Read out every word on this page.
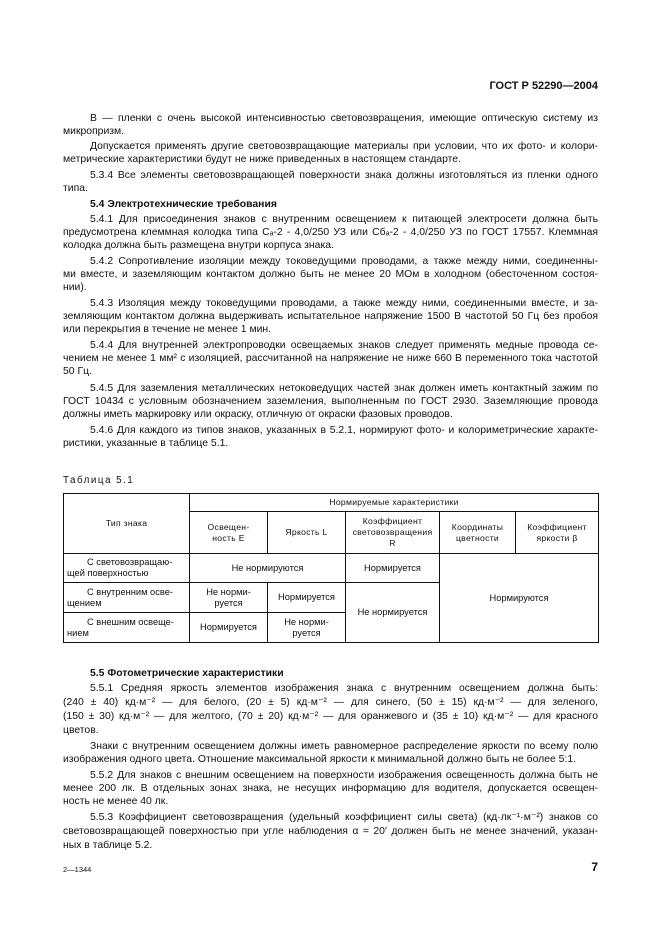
ГОСТ Р 52290—2004
В — пленки с очень высокой интенсивностью световозвращения, имеющие оптическую систему из
микропризм.
Допускается применять другие световозвращающие материалы при условии, что их фото- и колори-
метрические характеристики будут не ниже приведенных в настоящем стандарте.
5.3.4 Все элементы световозвращающей поверхности знака должны изготовляться из пленки одного
типа.
5.4 Электротехнические требования
5.4.1 Для присоединения знаков с внутренним освещением к питающей электросети должна быть
предусмотрена клеммная колодка типа Сₐ-2 - 4,0/250 УЗ или Сбₐ-2 - 4,0/250 УЗ по ГОСТ 17557. Клеммная
колодка должна быть размещена внутри корпуса знака.
5.4.2 Сопротивление изоляции между токоведущими проводами, а также между ними, соединенны-
ми вместе, и заземляющим контактом должно быть не менее 20 МОм в холодном (обесточенном состоя-
нии).
5.4.3 Изоляция между токоведущими проводами, а также между ними, соединенными вместе, и за-
земляющим контактом должна выдерживать испытательное напряжение 1500 В частотой 50 Гц без пробоя
или перекрытия в течение не менее 1 мин.
5.4.4 Для внутренней электропроводки освещаемых знаков следует применять медные провода се-
чением не менее 1 мм² с изоляцией, рассчитанной на напряжение не ниже 660 В переменного тока частотой
50 Гц.
5.4.5 Для заземления металлических нетоковедущих частей знак должен иметь контактный зажим по
ГОСТ 10434 с условным обозначением заземления, выполненным по ГОСТ 2930. Заземляющие провода
должны иметь маркировку или окраску, отличную от окраски фазовых проводов.
5.4.6 Для каждого из типов знаков, указанных в 5.2.1, нормируют фото- и колориметрические характе-
ристики, указанные в таблице 5.1.
Таблица 5.1
Тип знака	Нормируемые характеристики				

	Освещен-
ность E	Яркость L	Коэффициент
световозвращения
R	Координаты
цветности	Коэффициент
яркости β

С световозвращаю-
щей поверхностью	Не нормируются		Нормируется	Нормируются	

С внутренним осве-
щением	Не норми-
руется	Нормируется	Не нормируется		

С внешним освеще-
нием	Нормируется	Не норми-
руется			
5.5 Фотометрические характеристики
5.5.1 Средняя яркость элементов изображения знака с внутренним освещением должна быть:
(240 ± 40) кд·м⁻² — для белого, (20 ± 5) кд·м⁻² — для синего, (50 ± 15) кд·м⁻² — для зеленого,
(150 ± 30) кд·м⁻² — для желтого, (70 ± 20) кд·м⁻² — для оранжевого и (35 ± 10) кд·м⁻² — для красного
цветов.
Знаки с внутренним освещением должны иметь равномерное распределение яркости по всему полю
изображения одного цвета. Отношение максимальной яркости к минимальной должно быть не более 5:1.
5.5.2 Для знаков с внешним освещением на поверхности изображения освещенность должна быть не
менее 200 лк. В отдельных зонах знака, не несущих информацию для водителя, допускается освещен-
ность не менее 40 лк.
5.5.3 Коэффициент световозвращения (удельный коэффициент силы света) (кд·лк⁻¹·м⁻²) знаков со
световозвращающей поверхностью при угле наблюдения α = 20′ должен быть не менее значений, указан-
ных в таблице 5.2.
2—1344	7
